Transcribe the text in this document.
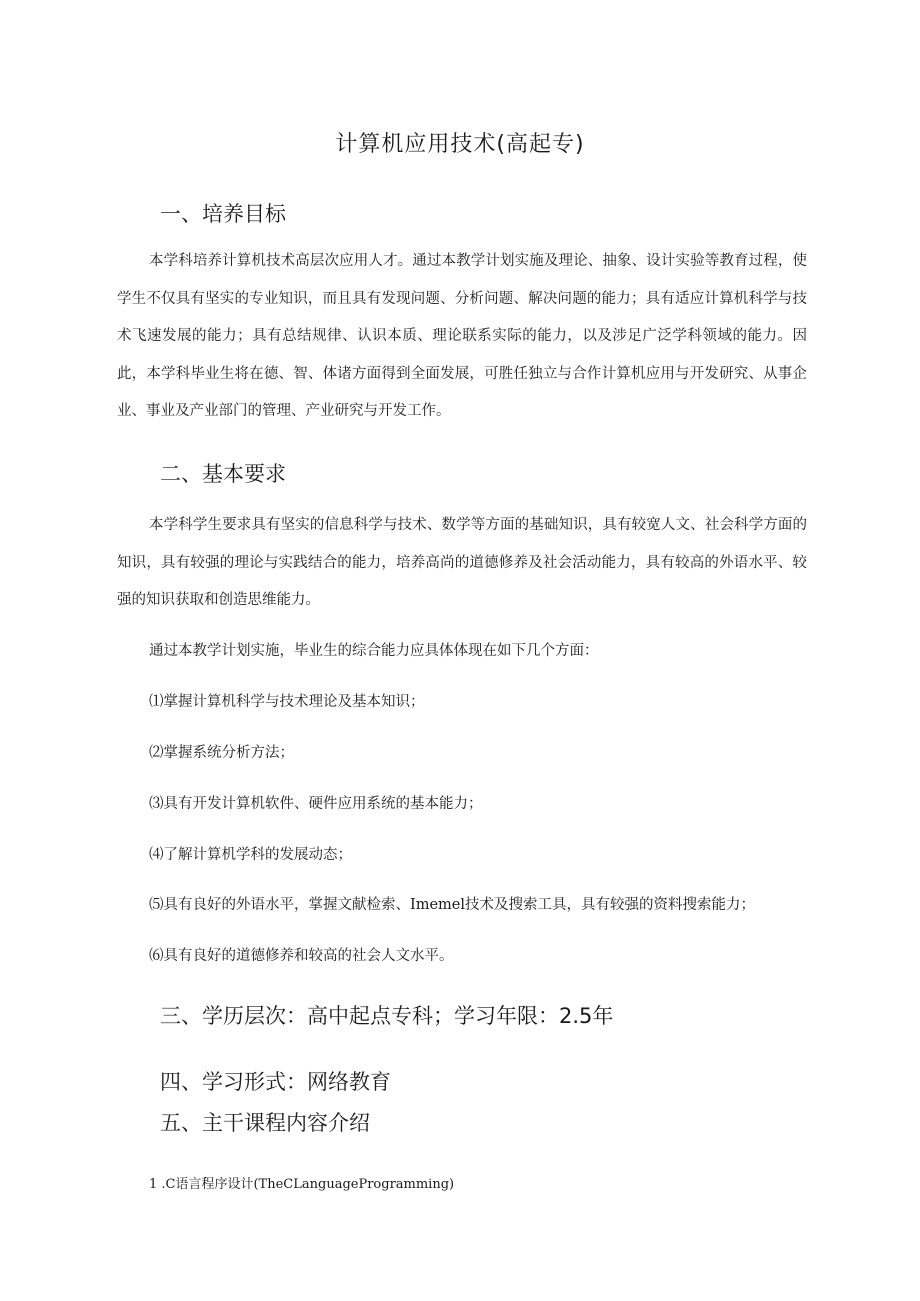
计算机应用技术(高起专)
一、培养目标

本学科培养计算机技术高层次应用人才。通过本教学计划实施及理论、抽象、设计实验等教育过程，使学生不仅具有坚实的专业知识，而且具有发现问题、分析问题、解决问题的能力；具有适应计算机科学与技术飞速发展的能力；具有总结规律、认识本质、理论联系实际的能力，以及涉足广泛学科领域的能力。因此，本学科毕业生将在德、智、体诸方面得到全面发展，可胜任独立与合作计算机应用与开发研究、从事企业、事业及产业部门的管理、产业研究与开发工作。

二、基本要求

本学科学生要求具有坚实的信息科学与技术、数学等方面的基础知识，具有较宽人文、社会科学方面的知识，具有较强的理论与实践结合的能力，培养高尚的道德修养及社会活动能力，具有较高的外语水平、较强的知识获取和创造思维能力。

通过本教学计划实施，毕业生的综合能力应具体体现在如下几个方面：

⑴掌握计算机科学与技术理论及基本知识；

⑵掌握系统分析方法；

⑶具有开发计算机软件、硬件应用系统的基本能力；

⑷了解计算机学科的发展动态；

⑸具有良好的外语水平，掌握文献检索、Imemel技术及搜索工具，具有较强的资料搜索能力；

⑹具有良好的道德修养和较高的社会人文水平。

三、学历层次：高中起点专科；学习年限：2.5年
四、学习形式：网络教育
五、主干课程内容介绍

1 .C语言程序设计(TheCLanguageProgramming)
